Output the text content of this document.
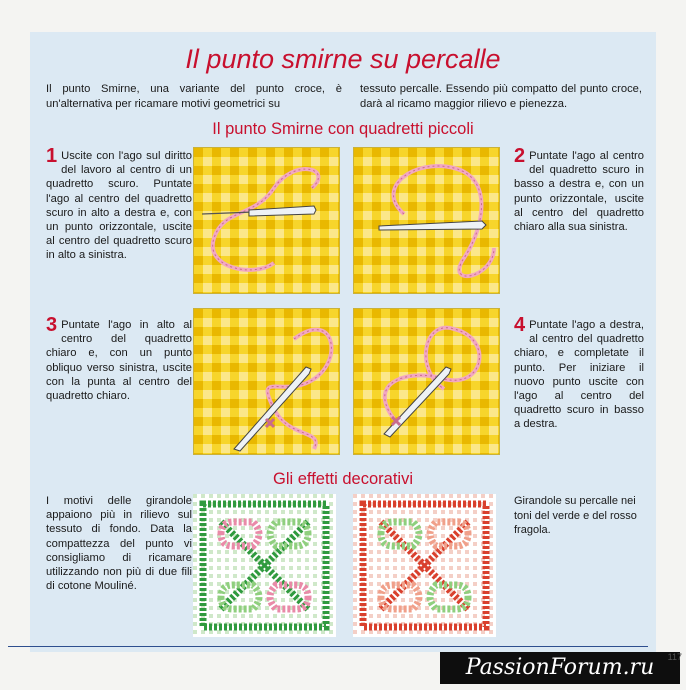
Il punto smirne su percalle
Il punto Smirne, una variante del punto croce, è un'alternativa per ricamare motivi geometrici su
tessuto percalle. Essendo più compatto del punto croce, darà al ricamo maggior rilievo e pienezza.
Il punto Smirne con quadretti piccoli
1 Uscite con l'ago sul diritto del lavoro al centro di un quadretto scuro. Puntate l'ago al centro del quadretto scuro in alto a destra e, con un punto orizzontale, uscite al centro del quadretto scuro in alto a sinistra.
2 Puntate l'ago al centro del quadretto scuro in basso a destra e, con un punto orizzontale, uscite al centro del quadretto chiaro alla sua sinistra.
3 Puntate l'ago in alto al centro del quadretto chiaro e, con un punto obliquo verso sinistra, uscite con la punta al centro del quadretto chiaro.
4 Puntate l'ago a destra, al centro del quadretto chiaro, e completate il punto. Per iniziare il nuovo punto uscite con l'ago al centro del quadretto scuro in basso a destra.
Gli effetti decorativi
I motivi delle girandole appaiono più in rilievo sul tessuto di fondo. Data la compattezza del punto vi consigliamo di ricamare utilizzando non più di due fili di cotone Mouliné.
Girandole su percalle nei toni del verde e del rosso fragola.
PassionForum.ru	117
